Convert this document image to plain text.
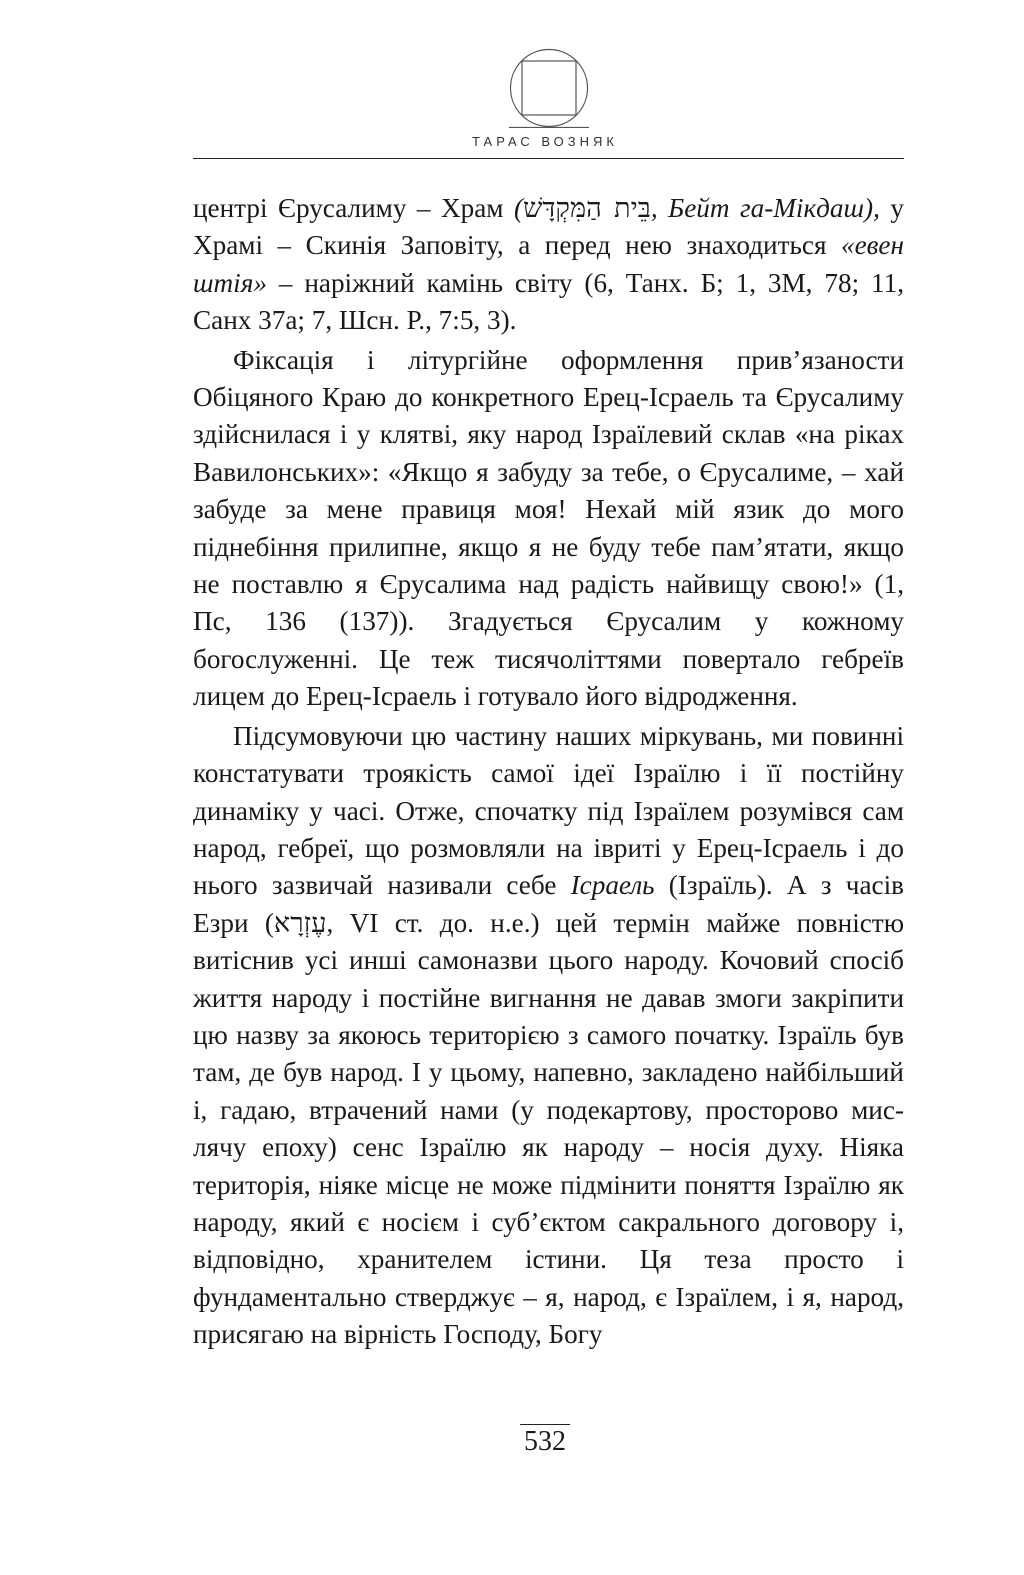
ТАРАС ВОЗНЯК

центрі Єрусалиму – Храм (בֵּית הַמִּקְדָּשׁ, Бейт га-Мікдаш), у Храмі – Скинія Заповіту, а перед нею знаходиться «евен штія» – наріжний камінь світу (6, Танх. Б; 1, 3М, 78; 11, Санх 37а; 7, Шсн. Р., 7:5, 3).

Фіксація і літургійне оформлення прив’язаности Обіцяного Краю до конкретного Ерец-Ісраель та Єрусалиму здійснилася і у клятві, яку народ Ізраїлевий склав «на ріках Вавилонських»: «Якщо я забуду за тебе, о Єрусалиме, – хай забуде за мене правиця моя! Нехай мій язик до мого піднебіння прилипне, якщо я не буду тебе пам’ятати, якщо не поставлю я Єрусалима над радість найвищу свою!» (1, Пс, 136 (137)). Згадується Єрусалим у кожному богослуженні. Це теж тисячоліттями повертало гебреїв лицем до Ерец-Ісраель і готувало його відродження.

Підсумовуючи цю частину наших міркувань, ми повинні констатувати троякість самої ідеї Ізраїлю і її постійну динаміку у часі. Отже, спочатку під Ізраїлем розумівся сам народ, гебреї, що розмовляли на івриті у Ерец-Ісраель і до нього зазвичай називали себе Ісраель (Ізраїль). А з часів Езри (עֶזְרָא, VI ст. до. н.е.) цей термін майже повністю витіснив усі инші самоназви цього народу. Кочовий спосіб життя народу і постійне вигнання не давав змоги закріпити цю назву за якоюсь територією з самого початку. Ізраїль був там, де був народ. І у цьому, напевно, закладено найбільший і, гадаю, втрачений нами (у подекартову, просторово мислячу епоху) сенс Ізраїлю як народу – носія духу. Ніяка територія, ніяке місце не може підмінити поняття Ізраїлю як народу, який є носієм і суб’єктом сакрального договору і, відповідно, хранителем істини. Ця теза просто і фундаментально стверджує – я, народ, є Ізраїлем, і я, народ, присягаю на вірність Господу, Богу

532
